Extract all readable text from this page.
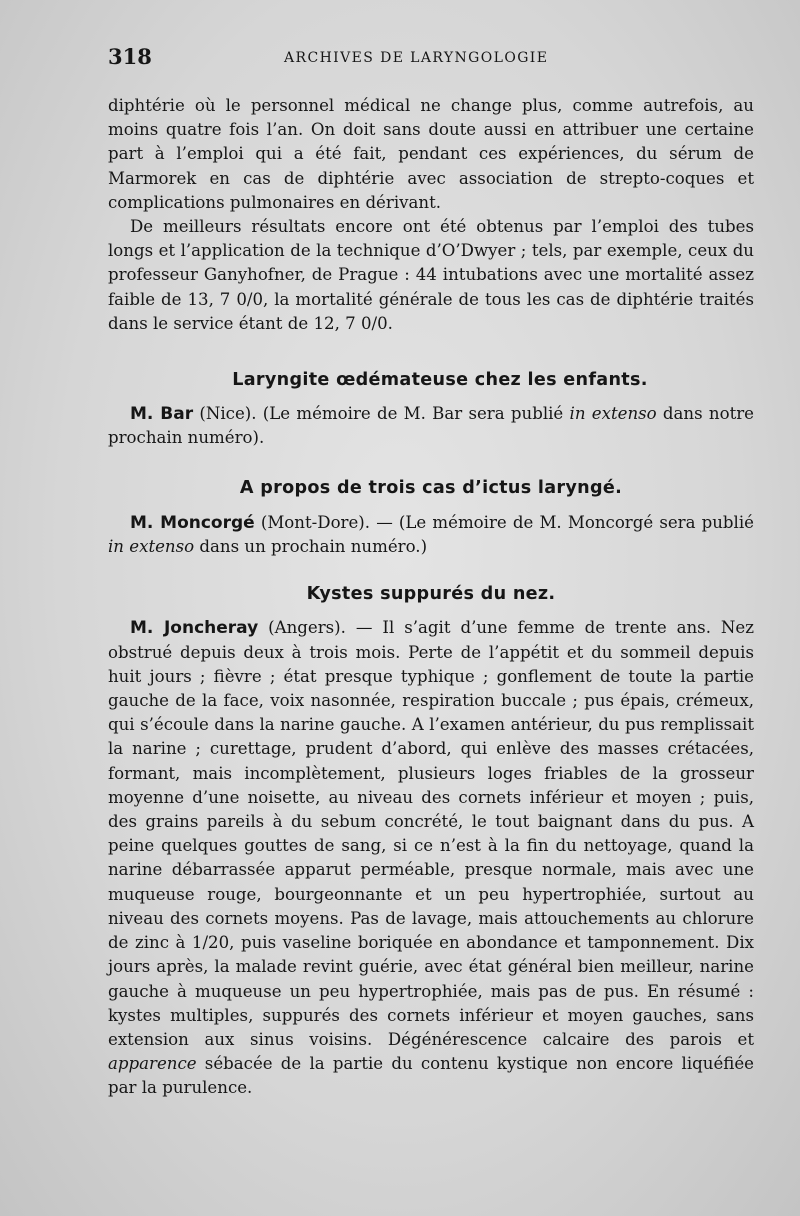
318	ARCHIVES DE LARYNGOLOGIE

diphtérie où le personnel médical ne change plus, comme autrefois, au moins quatre fois l’an. On doit sans doute aussi en attribuer une certaine part à l’emploi qui a été fait, pendant ces expériences, du sérum de Marmorek en cas de diphtérie avec association de strepto-coques et complications pulmonaires en dérivant.

De meilleurs résultats encore ont été obtenus par l’emploi des tubes longs et l’application de la technique d’O’Dwyer ; tels, par exemple, ceux du professeur Ganyhofner, de Prague : 44 intubations avec une mortalité assez faible de 13, 7 0/0, la mortalité générale de tous les cas de diphtérie traités dans le service étant de 12, 7 0/0.

Laryngite œdémateuse chez les enfants.

M. Bar (Nice). (Le mémoire de M. Bar sera publié in extenso dans notre prochain numéro).

A propos de trois cas d’ictus laryngé.

M. Moncorgé (Mont-Dore). — (Le mémoire de M. Moncorgé sera publié in extenso dans un prochain numéro.)

Kystes suppurés du nez.

M. Joncheray (Angers). — Il s’agit d’une femme de trente ans. Nez obstrué depuis deux à trois mois. Perte de l’appétit et du sommeil depuis huit jours ; fièvre ; état presque typhique ; gonflement de toute la partie gauche de la face, voix nasonnée, respiration buccale ; pus épais, crémeux, qui s’écoule dans la narine gauche. A l’examen antérieur, du pus remplissait la narine ; curettage, prudent d’abord, qui enlève des masses crétacées, formant, mais incomplètement, plusieurs loges friables de la grosseur moyenne d’une noisette, au niveau des cornets inférieur et moyen ; puis, des grains pareils à du sebum concrété, le tout baignant dans du pus. A peine quelques gouttes de sang, si ce n’est à la fin du nettoyage, quand la narine débarrassée apparut perméable, presque normale, mais avec une muqueuse rouge, bourgeonnante et un peu hypertrophiée, surtout au niveau des cornets moyens. Pas de lavage, mais attouchements au chlorure de zinc à 1/20, puis vaseline boriquée en abondance et tamponnement. Dix jours après, la malade revint guérie, avec état général bien meilleur, narine gauche à muqueuse un peu hypertrophiée, mais pas de pus. En résumé : kystes multiples, suppurés des cornets inférieur et moyen gauches, sans extension aux sinus voisins. Dégénérescence calcaire des parois et apparence sébacée de la partie du contenu kystique non encore liquéfiée par la purulence.
